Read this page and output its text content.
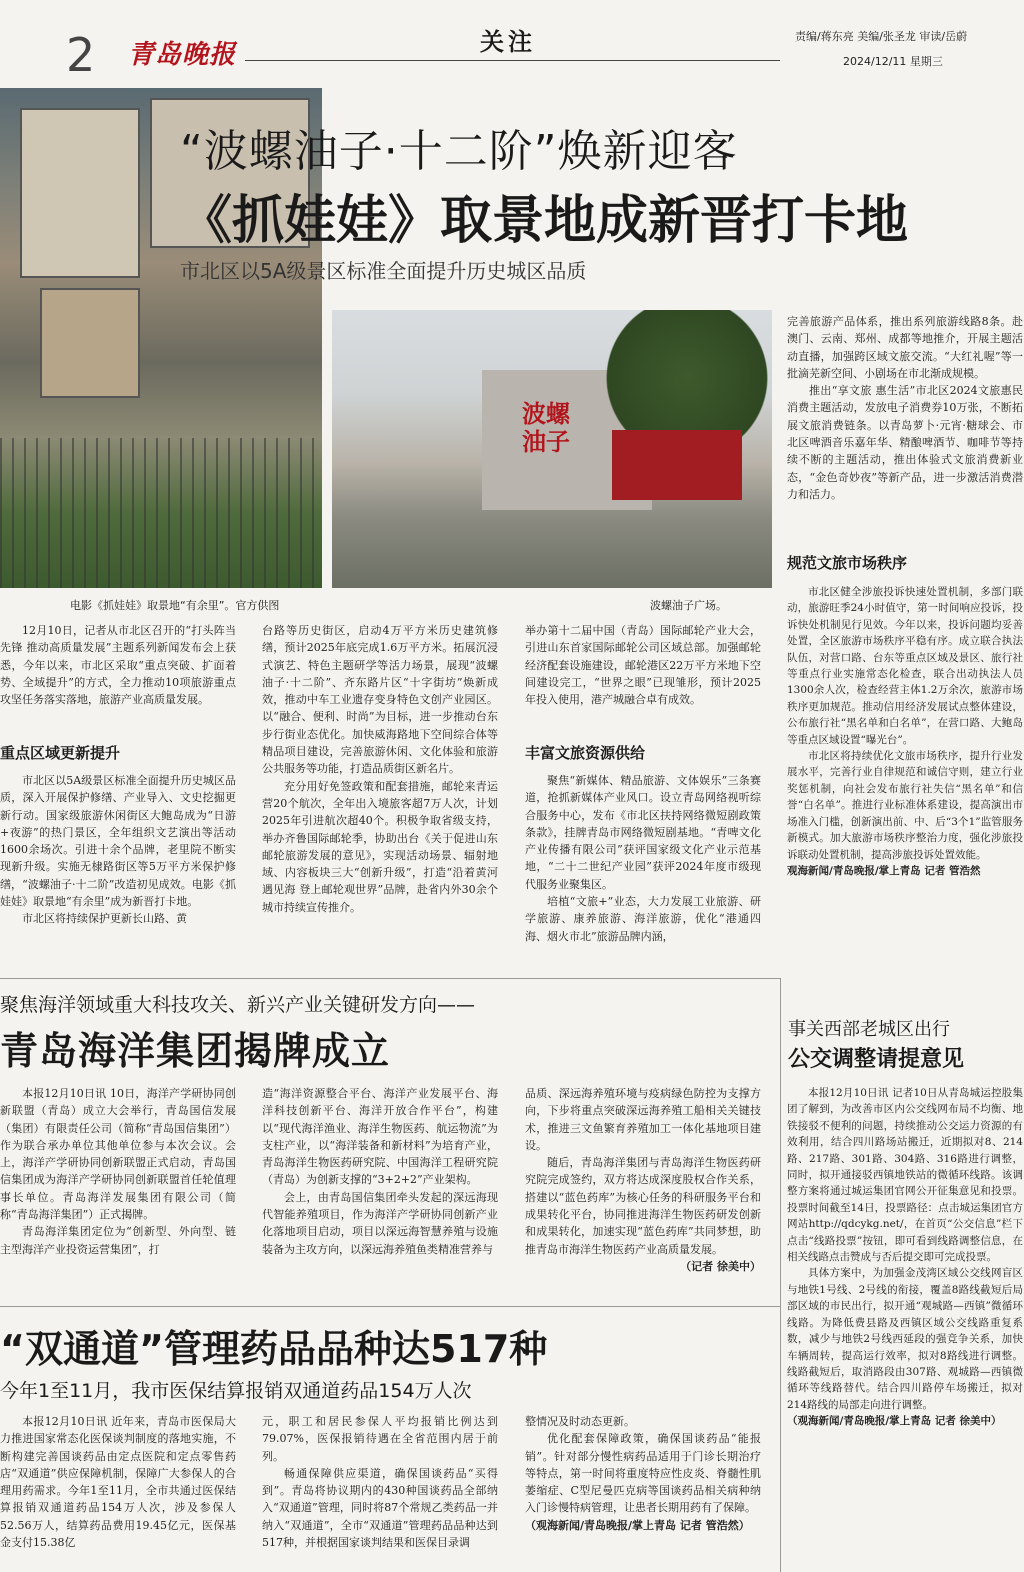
2 青岛晚报	关注	责编/蒋东亮 美编/张圣龙 审读/岳蔚
2024/12/11 星期三
波螺油子
“波螺油子·十二阶”焕新迎客
《抓娃娃》取景地成新晋打卡地
市北区以5A级景区标准全面提升历史城区品质
电影《抓娃娃》取景地“有余里”。官方供图	波螺油子广场。

12月10日，记者从市北区召开的“打头阵当先锋 推动高质量发展”主题系列新闻发布会上获悉，今年以来，市北区采取“重点突破、扩面着势、全域提升”的方式，全力推动10项旅游重点攻坚任务落实落地，旅游产业高质量发展。

重点区域更新提升

市北区以5A级景区标准全面提升历史城区品质，深入开展保护修缮、产业导入、文史挖掘更新行动。国家级旅游休闲街区大鲍岛成为“日游+夜游”的热门景区，全年组织文艺演出等活动1600余场次。引进十余个品牌，老里院不断实现新升级。实施无棣路街区等5万平方米保护修缮，“波螺油子·十二阶”改造初见成效。电影《抓娃娃》取景地“有余里”成为新晋打卡地。

市北区将持续保护更新长山路、黄

台路等历史街区，启动4万平方米历史建筑修缮，预计2025年底完成1.6万平方米。拓展沉浸式演艺、特色主题研学等活力场景，展现“波螺油子·十二阶”、齐东路片区“十字街坊”焕新成效，推动中车工业遗存变身特色文创产业园区。以“融合、便利、时尚”为目标，进一步推动台东步行街业态优化。加快威海路地下空间综合体等精品项目建设，完善旅游休闲、文化体验和旅游公共服务等功能，打造品质街区新名片。

充分用好免签政策和配套措施，邮轮来青运营20个航次，全年出入境旅客超7万人次，计划2025年引进航次超40个。积极争取省级支持，举办齐鲁国际邮轮季，协助出台《关于促进山东邮轮旅游发展的意见》，实现活动场景、辐射地域、内容板块三大“创新升级”，打造“沿着黄河遇见海 登上邮轮观世界”品牌，赴省内外30余个城市持续宣传推介。

举办第十二届中国（青岛）国际邮轮产业大会，引进山东首家国际邮轮公司区域总部。加强邮轮经济配套设施建设，邮轮港区22万平方米地下空间建设完工，“世界之眼”已现雏形，预计2025年投入使用，港产城融合卓有成效。

丰富文旅资源供给

聚焦“新媒体、精品旅游、文体娱乐”三条赛道，抢抓新媒体产业风口。设立青岛网络视听综合服务中心，发布《市北区扶持网络微短剧政策条款》，挂牌青岛市网络微短剧基地。“青啤文化产业传播有限公司”获评国家级文化产业示范基地，“二十二世纪产业园”获评2024年度市级现代服务业聚集区。

培植“文旅+”业态，大力发展工业旅游、研学旅游、康养旅游、海洋旅游，优化“港通四海、烟火市北”旅游品牌内涵，

完善旅游产品体系，推出系列旅游线路8条。赴澳门、云南、郑州、成都等地推介，开展主题活动直播，加强跨区域文旅交流。“大红礼喔”等一批滴芜新空间、小剧场在市北渐成规模。

推出“享文旅 惠生活”市北区2024文旅惠民消费主题活动，发放电子消费券10万张，不断拓展文旅消费链条。以青岛萝卜·元宵·糖球会、市北区啤酒音乐嘉年华、精酿啤酒节、咖啡节等持续不断的主题活动，推出体验式文旅消费新业态，“金色奇妙夜”等新产品，进一步激活消费潜力和活力。

规范文旅市场秩序

市北区健全涉旅投诉快速处置机制，多部门联动，旅游旺季24小时值守，第一时间响应投诉，投诉快处机制见行见效。今年以来，投诉问题均妥善处置，全区旅游市场秩序平稳有序。成立联合执法队伍，对营口路、台东等重点区域及景区、旅行社等重点行业实施常态化检查，联合出动执法人员1300余人次，检查经营主体1.2万余次，旅游市场秩序更加规范。推动信用经济发展试点整体建设，公布旅行社“黑名单和白名单”，在营口路、大鲍岛等重点区域设置“曝光台”。

市北区将持续优化文旅市场秩序，提升行业发展水平，完善行业自律规范和诚信守则，建立行业奖惩机制，向社会发布旅行社失信“黑名单”和信誉“白名单”。推进行业标准体系建设，提高演出市场准入门槛，创新演出前、中、后“3个1”监管服务新模式。加大旅游市场秩序整治力度，强化涉旅投诉联动处置机制，提高涉旅投诉处置效能。

观海新闻/青岛晚报/掌上青岛 记者 管浩然

聚焦海洋领域重大科技攻关、新兴产业关键研发方向——
青岛海洋集团揭牌成立

本报12月10日讯 10日，海洋产学研协同创新联盟（青岛）成立大会举行，青岛国信发展（集团）有限责任公司（简称“青岛国信集团”）作为联合承办单位其他单位参与本次会议。会上，海洋产学研协同创新联盟正式启动，青岛国信集团成为海洋产学研协同创新联盟首任轮值理事长单位。青岛海洋发展集团有限公司（简称“青岛海洋集团”）正式揭牌。

青岛海洋集团定位为“创新型、外向型、链主型海洋产业投资运营集团”，打

造“海洋资源整合平台、海洋产业发展平台、海洋科技创新平台、海洋开放合作平台”，构建以“现代海洋渔业、海洋生物医药、航运物流”为支柱产业，以“海洋装备和新材料”为培育产业，青岛海洋生物医药研究院、中国海洋工程研究院（青岛）为创新支撑的“3+2+2”产业架构。

会上，由青岛国信集团牵头发起的深远海现代智能养殖项目，作为海洋产学研协同创新产业化落地项目启动，项目以深远海智慧养殖与设施装备为主攻方向，以深远海养殖鱼类精准营养与

品质、深远海养殖环境与疫病绿色防控为支撑方向，下步将重点突破深远海养殖工船相关关键技术，推进三文鱼繁育养殖加工一体化基地项目建设。

随后，青岛海洋集团与青岛海洋生物医药研究院完成签约，双方将达成深度股权合作关系，搭建以“蓝色药库”为核心任务的科研服务平台和成果转化平台，协同推进海洋生物医药研发创新和成果转化，加速实现“蓝色药库”共同梦想，助推青岛市海洋生物医药产业高质量发展。

（记者 徐美中）

“双通道”管理药品品种达517种
今年1至11月，我市医保结算报销双通道药品154万人次

本报12月10日讯 近年来，青岛市医保局大力推进国家常态化医保谈判制度的落地实施，不断构建完善国谈药品由定点医院和定点零售药店“双通道”供应保障机制，保障广大参保人的合理用药需求。今年1至11月，全市共通过医保结算报销双通道药品154万人次，涉及参保人52.56万人，结算药品费用19.45亿元，医保基金支付15.38亿

元，职工和居民参保人平均报销比例达到79.07%，医保报销待遇在全省范围内居于前列。

畅通保障供应渠道，确保国谈药品“买得到”。青岛将协议期内的430种国谈药品全部纳入“双通道”管理，同时将87个常规乙类药品一并纳入“双通道”，全市“双通道”管理药品品种达到517种，并根据国家谈判结果和医保目录调

整情况及时动态更新。

优化配套保障政策，确保国谈药品“能报销”。针对部分慢性病药品适用于门诊长期治疗等特点，第一时间将重度特应性皮炎、脊髓性肌萎缩症、C型尼曼匹克病等国谈药品相关病种纳入门诊慢特病管理，让患者长期用药有了保障。

（观海新闻/青岛晚报/掌上青岛 记者 管浩然）

事关西部老城区出行
公交调整请提意见

本报12月10日讯 记者10日从青岛城运控股集团了解到，为改善市区内公交线网布局不均衡、地铁接驳不便利的问题，持续推动公交运力资源的有效利用，结合四川路场站搬迁，近期拟对8、214路、217路、301路、304路、316路进行调整，同时，拟开通接驳西镇地铁站的微循环线路。该调整方案将通过城运集团官网公开征集意见和投票。投票时间截至14日，投票路径：点击城运集团官方网站http://qdcykg.net/，在首页“公交信息”栏下点击“线路投票”按钮，即可看到线路调整信息，在相关线路点击赞成与否后提交即可完成投票。

具体方案中，为加强金茂湾区域公交线网盲区与地铁1号线、2号线的衔接，覆盖8路线截短后局部区域的市民出行，拟开通“观城路—西镇”微循环线路。为降低费县路及西镇区域公交线路重复系数，减少与地铁2号线西延段的强竞争关系，加快车辆周转，提高运行效率，拟对8路线进行调整。线路截短后，取消路段由307路、观城路—西镇微循环等线路替代。结合四川路停车场搬迁，拟对214路线的局部走向进行调整。

（观海新闻/青岛晚报/掌上青岛 记者 徐美中）
